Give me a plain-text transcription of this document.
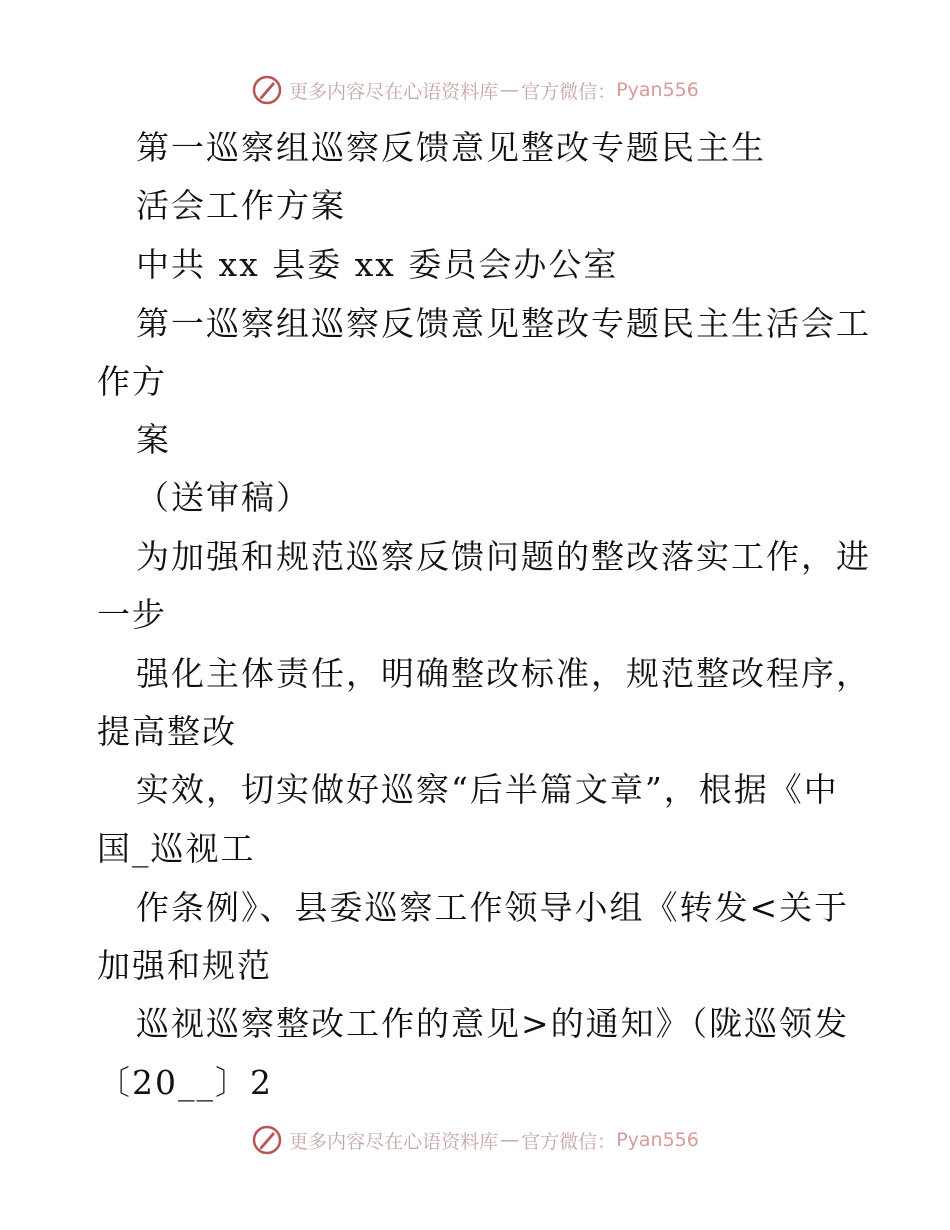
更多内容尽在心语资料库 — 官方微信： Pyan556
第一巡察组巡察反馈意见整改专题民主生
活会工作方案
中共 xx 县委 xx 委员会办公室
第一巡察组巡察反馈意见整改专题民主生活会工
作方
案
（送审稿）
为加强和规范巡察反馈问题的整改落实工作，进
一步
强化主体责任，明确整改标准，规范整改程序，
提高整改
实效，切实做好巡察“后半篇文章”，根据《中
国_巡视工
作条例》、县委巡察工作领导小组《转发<关于
加强和规范
巡视巡察整改工作的意见>的通知》（陇巡领发
〔20__〕2
更多内容尽在心语资料库 — 官方微信： Pyan556
